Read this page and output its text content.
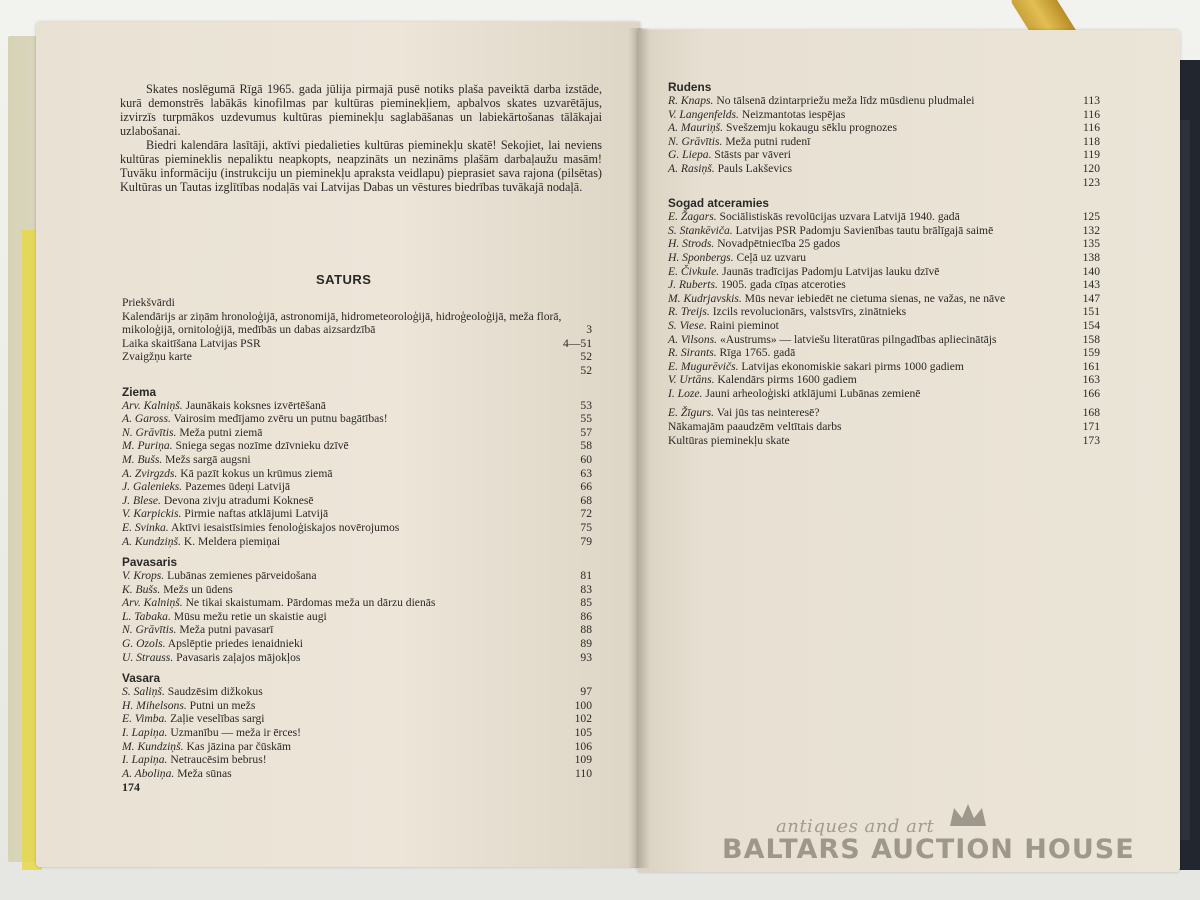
Skates noslēgumā Rīgā 1965. gada jūlija pirmajā pusē notiks plaša paveiktā darba izstāde, kurā demonstrēs labākās kinofilmas par kultūras pieminekļiem, apbalvos skates uzvarētājus, izvirzīs turpmākos uzdevumus kultūras pieminekļu saglabāšanas un labiekārtošanas tālākajai uzlabošanai.

Biedri kalendāra lasītāji, aktīvi piedalieties kultūras pieminekļu skatē! Sekojiet, lai neviens kultūras piemineklis nepaliktu neapkopts, neapzināts un nezināms plašām darbaļaužu masām! Tuvāku informāciju (instrukciju un pieminekļu apraksta veidlapu) pieprasiet sava rajona (pilsētas) Kultūras un Tautas izglītības nodaļās vai Latvijas Dabas un vēstures biedrības tuvākajā nodaļā.

SATURS
Priekšvārdi
Kalendārijs ar ziņām hronoloģijā, astronomijā, hidrometeoroloģijā, hidroģeoloģijā, meža florā, mikoloģijā, ornitoloģijā, medībās un dabas aizsardzībā	3
Laika skaitīšana Latvijas PSR	4—51
Zvaigžņu karte	52
52
Ziema
Arv. Kalniņš. Jaunākais koksnes izvērtēšanā	53
A. Gaross. Vairosim medījamo zvēru un putnu bagātības!	55
N. Grāvītis. Meža putni ziemā	57
M. Puriņa. Sniega segas nozīme dzīvnieku dzīvē	58
M. Bušs. Mežs sargā augsni	60
A. Zvirgzds. Kā pazīt kokus un krūmus ziemā	63
J. Galenieks. Pazemes ūdeņi Latvijā	66
J. Blese. Devona zivju atradumi Koknesē	68
V. Karpickis. Pirmie naftas atklājumi Latvijā	72
E. Svinka. Aktīvi iesaistīsimies fenoloģiskajos novērojumos	75
A. Kundziņš. K. Meldera piemiņai	79
Pavasaris
V. Krops. Lubānas zemienes pārveidošana	81
K. Bušs. Mežs un ūdens	83
Arv. Kalniņš. Ne tikai skaistumam. Pārdomas meža un dārzu dienās	85
L. Tabaka. Mūsu mežu retie un skaistie augi	86
N. Grāvītis. Meža putni pavasarī	88
G. Ozols. Apslēptie priedes ienaidnieki	89
U. Strauss. Pavasaris zaļajos mājokļos	93
Vasara
S. Saliņš. Saudzēsim dižkokus	97
H. Mihelsons. Putni un mežs	100
E. Vimba. Zaļie veselības sargi	102
I. Lapiņa. Uzmanību — meža ir ērces!	105
M. Kundziņš. Kas jāzina par čūskām	106
I. Lapiņa. Netraucēsim bebrus!	109
A. Aboliņa. Meža sūnas	110
Rudens
R. Knaps. No tālsenā dzintarpriežu meža līdz mūsdienu pludmalei	113
V. Langenfelds. Neizmantotas iespējas	116
A. Mauriņš. Svešzemju kokaugu sēklu prognozes	116
N. Grāvītis. Meža putni rudenī	118
G. Liepa. Stāsts par vāveri	119
A. Rasiņš. Pauls Lakševics	120
123
Sogad atceramies
E. Žagars. Sociālistiskās revolūcijas uzvara Latvijā 1940. gadā	125
S. Stankēviča. Latvijas PSR Padomju Savienības tautu brālīgajā saimē	132
H. Strods. Novadpētniecība 25 gados	135
H. Sponbergs. Ceļā uz uzvaru	138
E. Čivkule. Jaunās tradīcijas Padomju Latvijas lauku dzīvē	140
J. Ruberts. 1905. gada cīņas atceroties	143
M. Kudrjavskis. Mūs nevar iebiedēt ne cietuma sienas, ne važas, ne nāve	147
R. Treijs. Izcils revolucionārs, valstsvīrs, zinātnieks	151
S. Viese. Raini pieminot	154
A. Vilsons. «Austrums» — latviešu literatūras pilngadības apliecinātājs	158
R. Sirants. Rīga 1765. gadā	159
E. Mugurēvičs. Latvijas ekonomiskie sakari pirms 1000 gadiem	161
V. Urtāns. Kalendārs pirms 1600 gadiem	163
I. Loze. Jauni arheoloģiski atklājumi Lubānas zemienē	166
E. Žīgurs. Vai jūs tas neinteresē?	168
Nākamajām paaudzēm veltītais darbs	171
Kultūras pieminekļu skate	173
174
antiques and art
BALTARS AUCTION HOUSE
